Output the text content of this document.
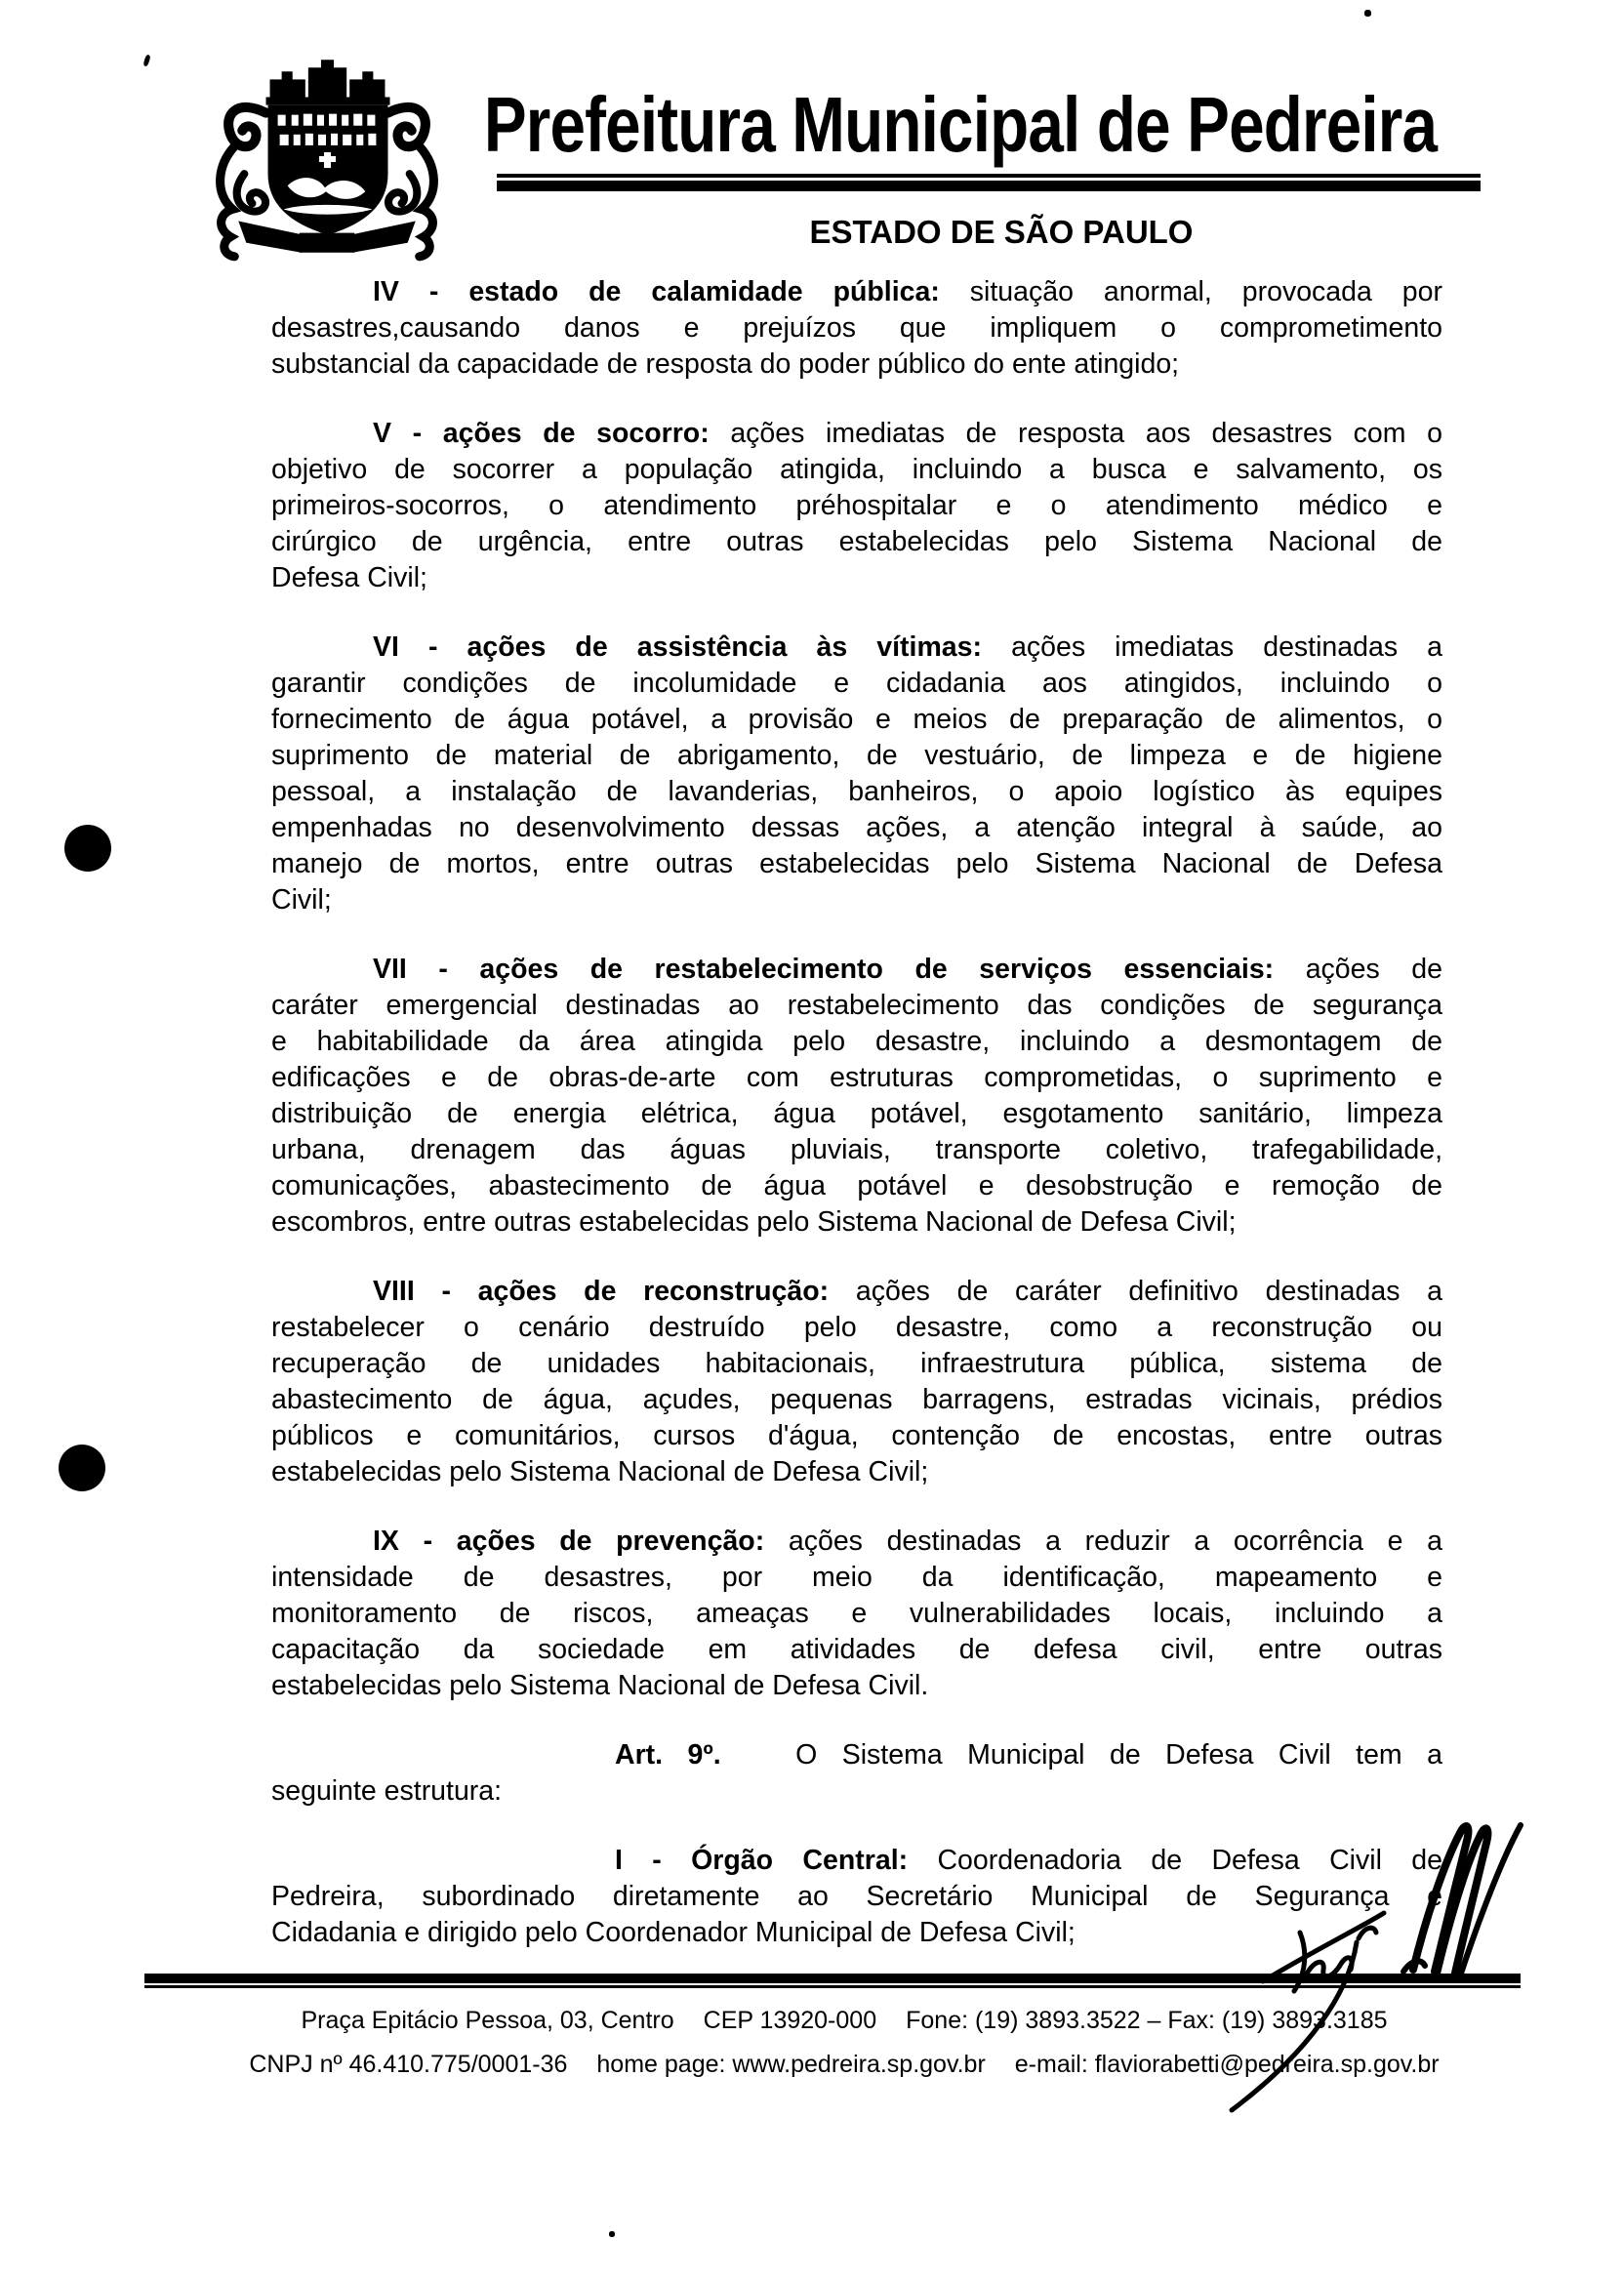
Prefeitura Municipal de Pedreira
ESTADO DE SÃO PAULO
IV - estado de calamidade pública: situação anormal, provocada por
desastres,causando danos e prejuízos que impliquem o comprometimento
substancial da capacidade de resposta do poder público do ente atingido;
V - ações de socorro: ações imediatas de resposta aos desastres com o
objetivo de socorrer a população atingida, incluindo a busca e salvamento, os
primeiros-socorros, o atendimento préhospitalar e o atendimento médico e
cirúrgico de urgência, entre outras estabelecidas pelo Sistema Nacional de
Defesa Civil;
VI - ações de assistência às vítimas: ações imediatas destinadas a
garantir condições de incolumidade e cidadania aos atingidos, incluindo o
fornecimento de água potável, a provisão e meios de preparação de alimentos, o
suprimento de material de abrigamento, de vestuário, de limpeza e de higiene
pessoal, a instalação de lavanderias, banheiros, o apoio logístico às equipes
empenhadas no desenvolvimento dessas ações, a atenção integral à saúde, ao
manejo de mortos, entre outras estabelecidas pelo Sistema Nacional de Defesa
Civil;
VII - ações de restabelecimento de serviços essenciais: ações de
caráter emergencial destinadas ao restabelecimento das condições de segurança
e habitabilidade da área atingida pelo desastre, incluindo a desmontagem de
edificações e de obras-de-arte com estruturas comprometidas, o suprimento e
distribuição de energia elétrica, água potável, esgotamento sanitário, limpeza
urbana, drenagem das águas pluviais, transporte coletivo, trafegabilidade,
comunicações, abastecimento de água potável e desobstrução e remoção de
escombros, entre outras estabelecidas pelo Sistema Nacional de Defesa Civil;
VIII - ações de reconstrução: ações de caráter definitivo destinadas a
restabelecer o cenário destruído pelo desastre, como a reconstrução ou
recuperação de unidades habitacionais, infraestrutura pública, sistema de
abastecimento de água, açudes, pequenas barragens, estradas vicinais, prédios
públicos e comunitários, cursos d'água, contenção de encostas, entre outras
estabelecidas pelo Sistema Nacional de Defesa Civil;
IX - ações de prevenção: ações destinadas a reduzir a ocorrência e a
intensidade de desastres, por meio da identificação, mapeamento e
monitoramento de riscos, ameaças e vulnerabilidades locais, incluindo a
capacitação da sociedade em atividades de defesa civil, entre outras
estabelecidas pelo Sistema Nacional de Defesa Civil.
Art. 9º.   O Sistema Municipal de Defesa Civil tem a
seguinte estrutura:
I - Órgão Central: Coordenadoria de Defesa Civil de
Pedreira, subordinado diretamente ao Secretário Municipal de Segurança e
Cidadania e dirigido pelo Coordenador Municipal de Defesa Civil;
Praça Epitácio Pessoa, 03, Centro CEP 13920-000 Fone: (19) 3893.3522 – Fax: (19) 3893.3185
CNPJ nº 46.410.775/0001-36 home page: www.pedreira.sp.gov.br e-mail: flaviorabetti@pedreira.sp.gov.br
